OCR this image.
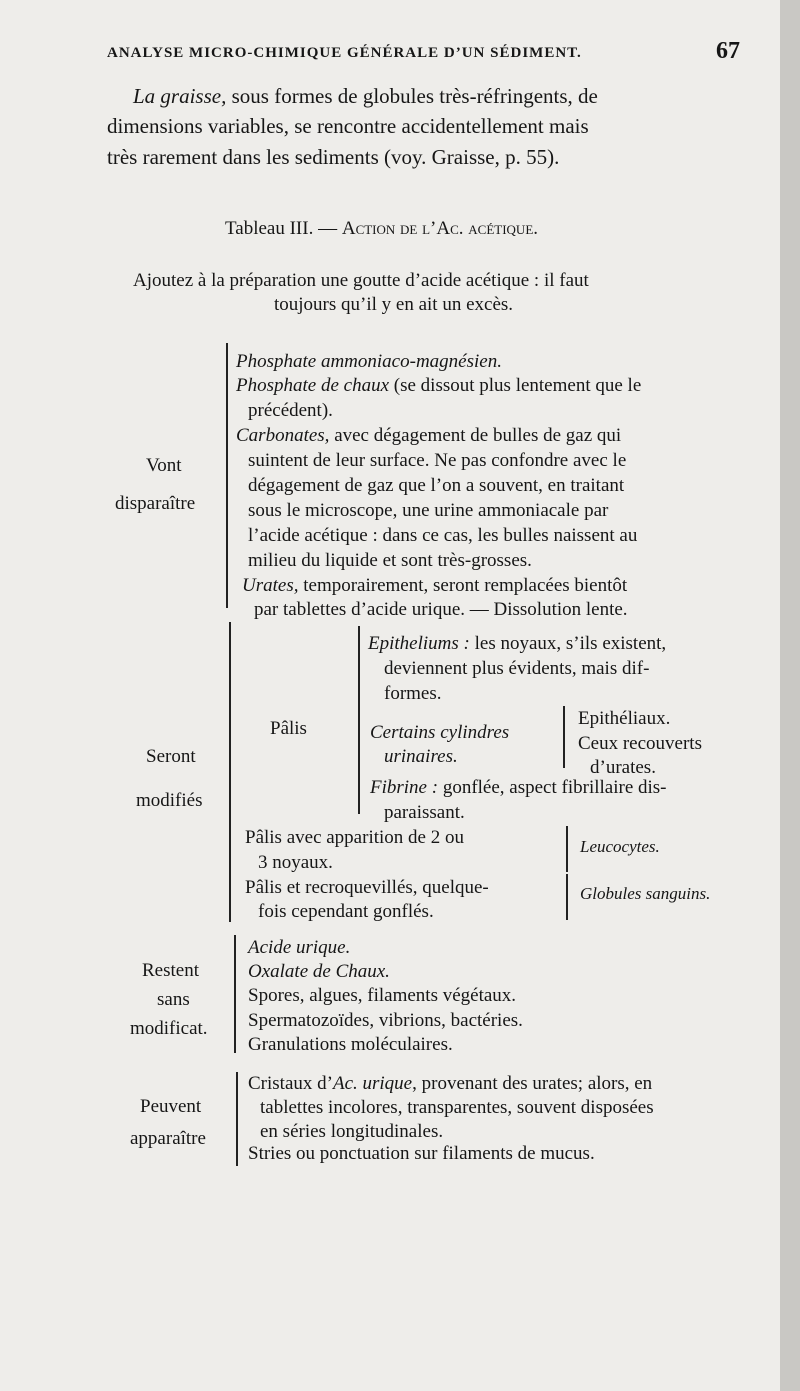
ANALYSE MICRO-CHIMIQUE GÉNÉRALE D’UN SÉDIMENT.	67
La graisse, sous formes de globules très-réfringents, de
dimensions variables, se rencontre accidentellement mais
très rarement dans les sediments (voy. Graisse, p. 55).
Tableau III. — Action de l’Ac. acétique.
Ajoutez à la préparation une goutte d’acide acétique : il faut
toujours qu’il y en ait un excès.
Vont
disparaître
Phosphate ammoniaco-magnésien.
Phosphate de chaux (se dissout plus lentement que le
précédent).
Carbonates, avec dégagement de bulles de gaz qui
suintent de leur surface. Ne pas confondre avec le
dégagement de gaz que l’on a souvent, en traitant
sous le microscope, une urine ammoniacale par
l’acide acétique : dans ce cas, les bulles naissent au
milieu du liquide et sont très-grosses.
Urates, temporairement, seront remplacées bientôt
par tablettes d’acide urique. — Dissolution lente.
Seront
modifiés
Pâlis
Epitheliums : les noyaux, s’ils existent,
deviennent plus évidents, mais dif-
formes.
Certains cylindres
urinaires.
Epithéliaux.
Ceux recouverts
d’urates.
Fibrine : gonflée, aspect fibrillaire dis-
paraissant.
Pâlis avec apparition de 2 ou
3 noyaux.
Leucocytes.
Pâlis et recroquevillés, quelque-
fois cependant gonflés.
Globules sanguins.
Restent
sans
modificat.
Acide urique.
Oxalate de Chaux.
Spores, algues, filaments végétaux.
Spermatozoïdes, vibrions, bactéries.
Granulations moléculaires.
Peuvent
apparaître
Cristaux d’Ac. urique, provenant des urates; alors, en
tablettes incolores, transparentes, souvent disposées
en séries longitudinales.
Stries ou ponctuation sur filaments de mucus.
